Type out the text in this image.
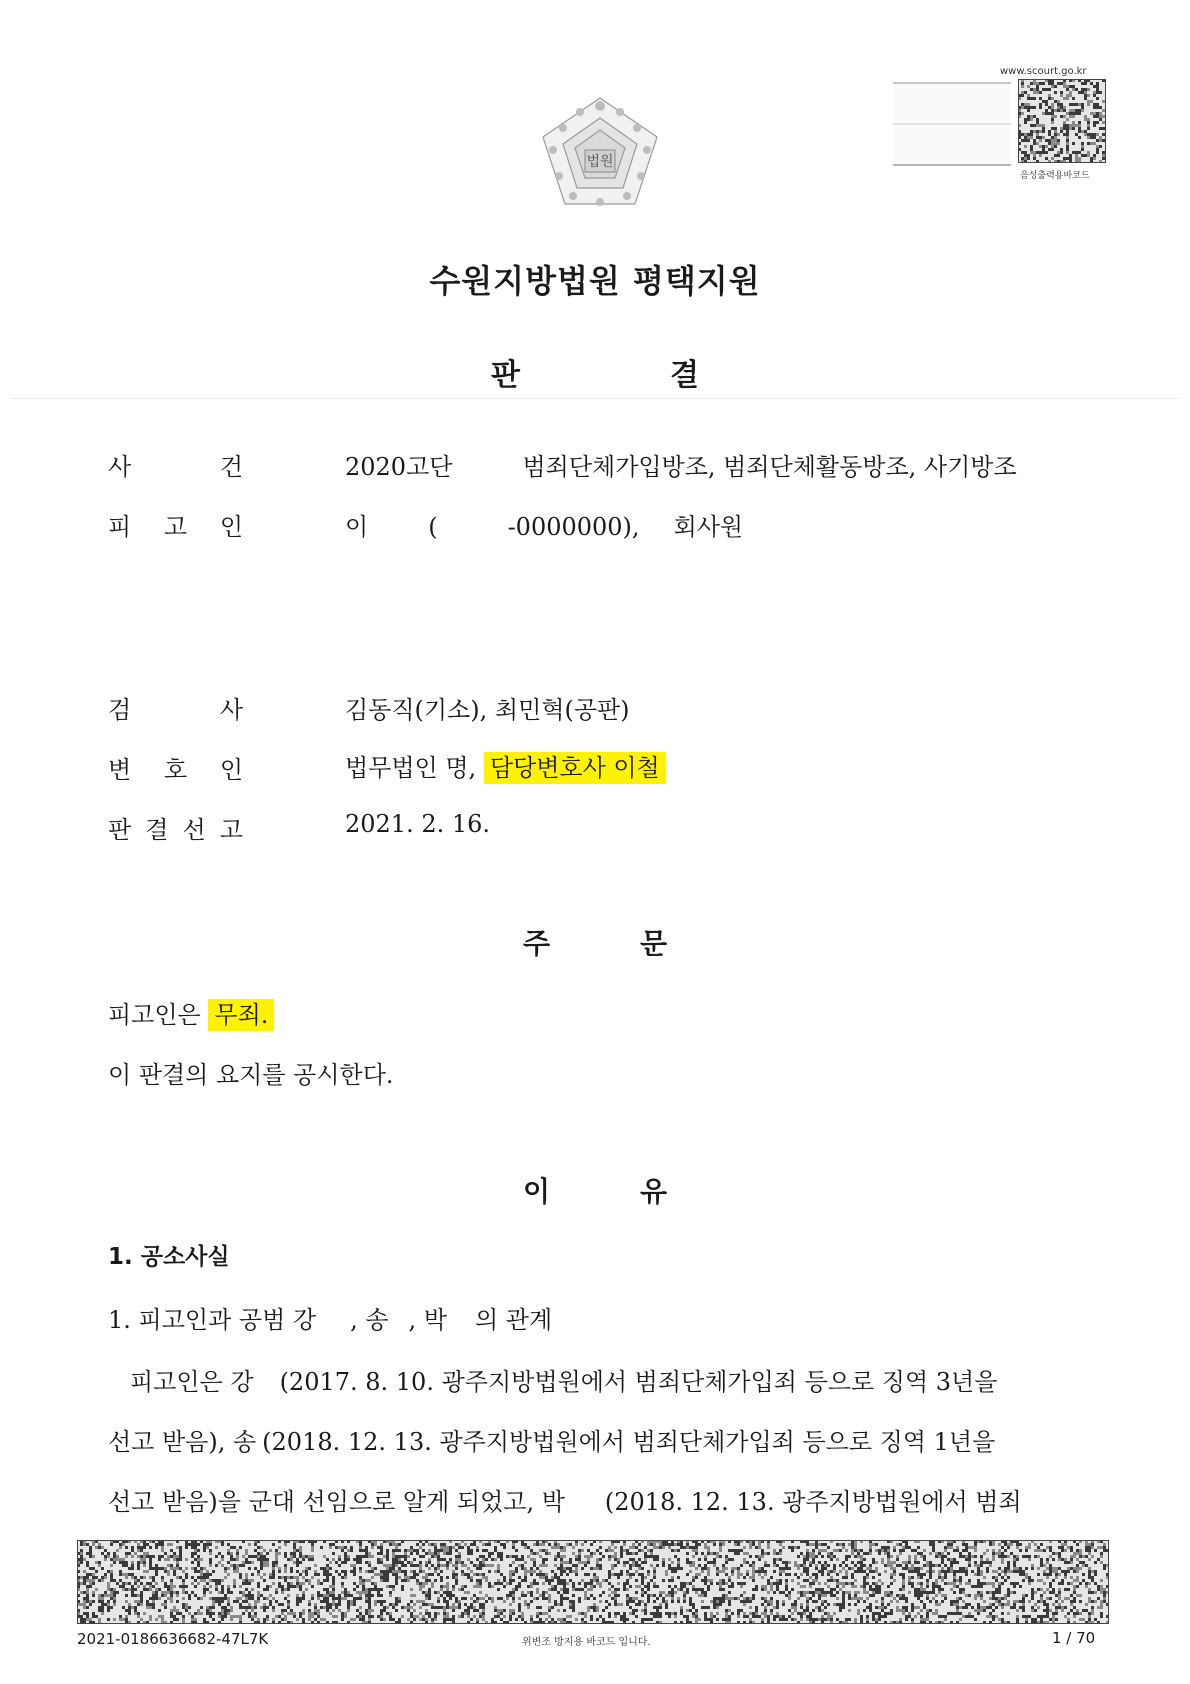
법원
www.scourt.go.kr
음성출력용바코드
수원지방법원 평택지원
판	결
사	건	2020고단	범죄단체가입방조, 범죄단체활동방조, 사기방조
피 고 인	이	(	-0000000), 회사원
검	사	김동직(기소), 최민혁(공판)
변 호 인	법무법인 명, 담당변호사 이철
판 결 선 고	2021. 2. 16.
주	문
피고인은 무죄.
이 판결의 요지를 공시한다.
이	유
1. 공소사실
1. 피고인과 공범 강 , 송 , 박 의 관계
피고인은 강 (2017. 8. 10. 광주지방법원에서 범죄단체가입죄 등으로 징역 3년을
선고 받음), 송 (2018. 12. 13. 광주지방법원에서 범죄단체가입죄 등으로 징역 1년을
선고 받음)을 군대 선임으로 알게 되었고, 박 (2018. 12. 13. 광주지방법원에서 범죄
2021-0186636682-47L7K	위변조 방지용 바코드 입니다.	1 / 70
